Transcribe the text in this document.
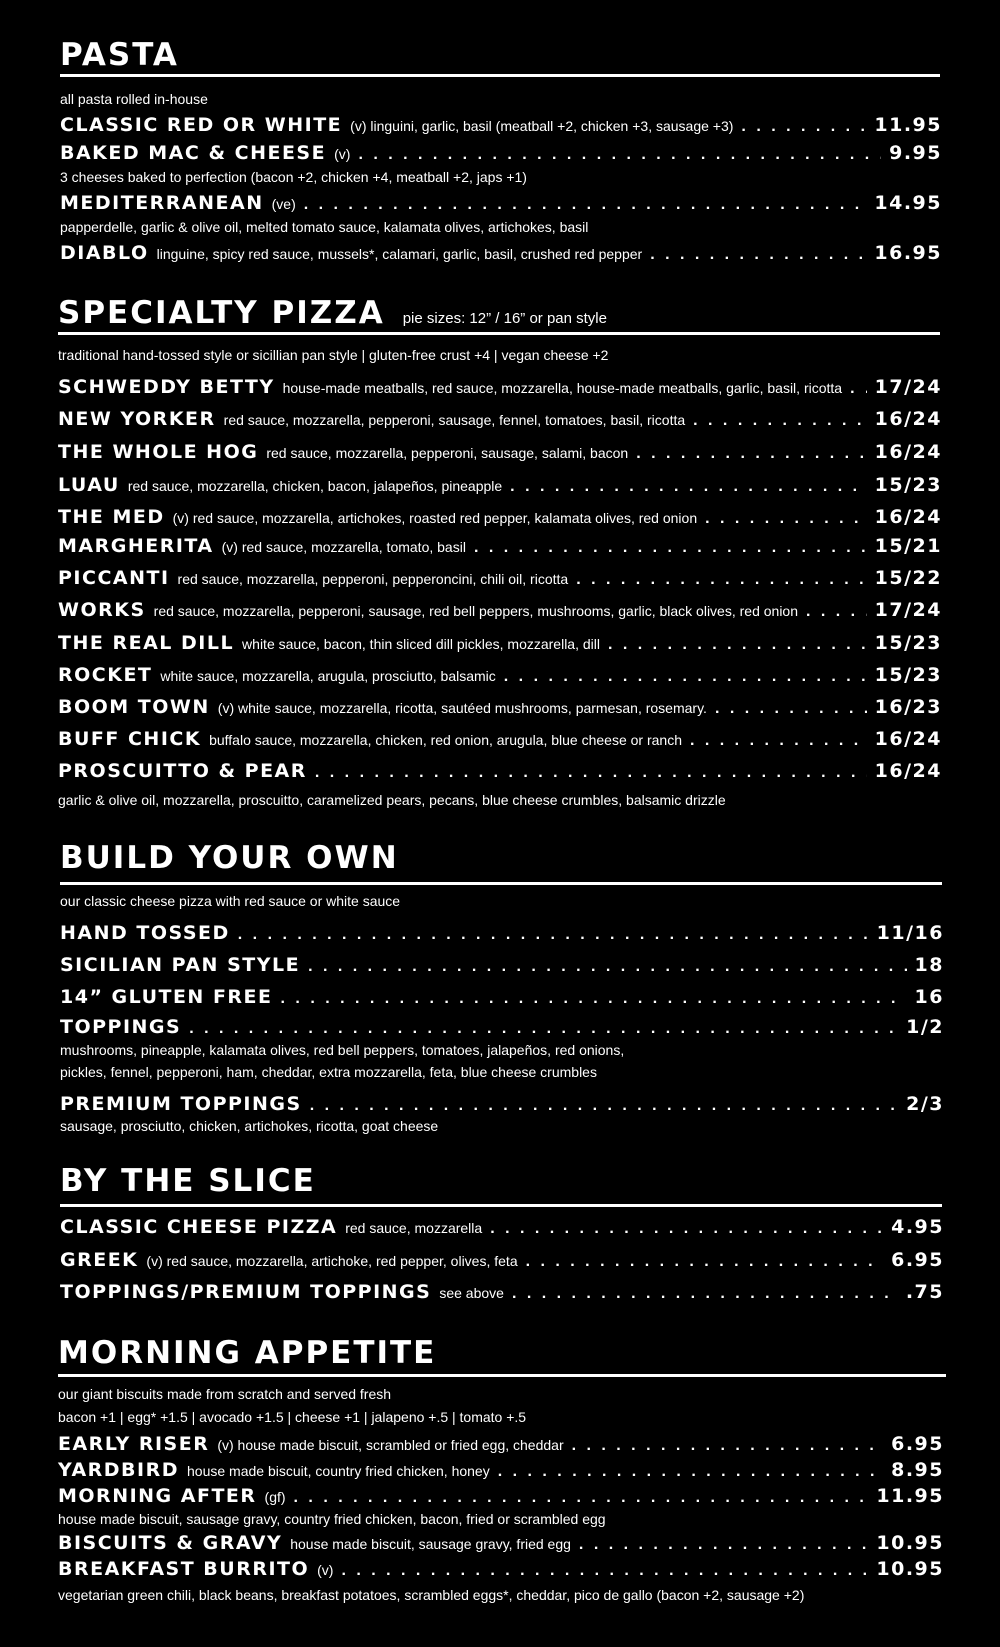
PASTA
all pasta rolled in-house
CLASSIC RED OR WHITE (v) linguini, garlic, basil (meatball +2, chicken +3, sausage +3) . . .	11.95
BAKED MAC & CHEESE (v) . . .	9.95
3 cheeses baked to perfection (bacon +2, chicken +4, meatball +2, japs +1)
MEDITERRANEAN (ve) . . .	14.95
papperdelle, garlic & olive oil, melted tomato sauce, kalamata olives, artichokes, basil
DIABLO linguine, spicy red sauce, mussels*, calamari, garlic, basil, crushed red pepper . . .	16.95
SPECIALTY PIZZA pie sizes: 12” / 16” or pan style
traditional hand-tossed style or sicillian pan style | gluten-free crust +4 | vegan cheese +2
SCHWEDDY BETTY house-made meatballs, red sauce, mozzarella, house-made meatballs, garlic, basil, ricotta . . . 17/24
NEW YORKER red sauce, mozzarella, pepperoni, sausage, fennel, tomatoes, basil, ricotta . . .	16/24
THE WHOLE HOG red sauce, mozzarella, pepperoni, sausage, salami, bacon . . .	16/24
LUAU red sauce, mozzarella, chicken, bacon, jalapeños, pineapple . . .	15/23
THE MED (v) red sauce, mozzarella, artichokes, roasted red pepper, kalamata olives, red onion . . .	16/24
MARGHERITA (v) red sauce, mozzarella, tomato, basil . . .	15/21
PICCANTI red sauce, mozzarella, pepperoni, pepperoncini, chili oil, ricotta . . .	15/22
WORKS red sauce, mozzarella, pepperoni, sausage, red bell peppers, mushrooms, garlic, black olives, red onion . . .	17/24
THE REAL DILL white sauce, bacon, thin sliced dill pickles, mozzarella, dill . . .	15/23
ROCKET white sauce, mozzarella, arugula, prosciutto, balsamic . . .	15/23
BOOM TOWN (v) white sauce, mozzarella, ricotta, sautéed mushrooms, parmesan, rosemary. . . .	16/23
BUFF CHICK buffalo sauce, mozzarella, chicken, red onion, arugula, blue cheese or ranch . . .	16/24
PROSCUITTO & PEAR . . .	16/24
garlic & olive oil, mozzarella, proscuitto, caramelized pears, pecans, blue cheese crumbles, balsamic drizzle
BUILD YOUR OWN
our classic cheese pizza with red sauce or white sauce
HAND TOSSED . . .	11/16
SICILIAN PAN STYLE . . .	18
14” GLUTEN FREE . . .	16
TOPPINGS . . .	1/2
mushrooms, pineapple, kalamata olives, red bell peppers, tomatoes, jalapeños, red onions,
pickles, fennel, pepperoni, ham, cheddar, extra mozzarella, feta, blue cheese crumbles
PREMIUM TOPPINGS . . .	2/3
sausage, prosciutto, chicken, artichokes, ricotta, goat cheese
BY THE SLICE
CLASSIC CHEESE PIZZA red sauce, mozzarella . . .	4.95
GREEK (v) red sauce, mozzarella, artichoke, red pepper, olives, feta . . .	6.95
TOPPINGS/PREMIUM TOPPINGS see above . . .	.75
MORNING APPETITE
our giant biscuits made from scratch and served fresh
bacon +1 | egg* +1.5 | avocado +1.5 | cheese +1 | jalapeno +.5 | tomato +.5
EARLY RISER (v) house made biscuit, scrambled or fried egg, cheddar . . .	6.95
YARDBIRD house made biscuit, country fried chicken, honey . . .	8.95
MORNING AFTER (gf) . . .	11.95
house made biscuit, sausage gravy, country fried chicken, bacon, fried or scrambled egg
BISCUITS & GRAVY house made biscuit, sausage gravy, fried egg . . .	10.95
BREAKFAST BURRITO (v) . . .	10.95
vegetarian green chili, black beans, breakfast potatoes, scrambled eggs*, cheddar, pico de gallo (bacon +2, sausage +2)
